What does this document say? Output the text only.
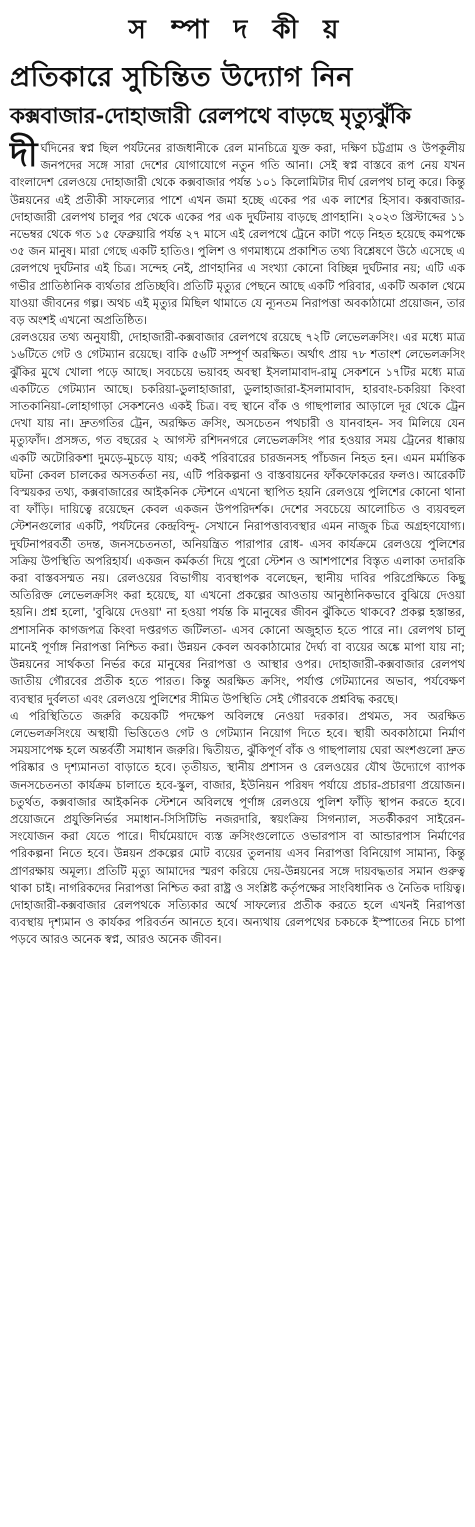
স ম্পা দ কী য়
প্রতিকারে সুচিন্তিত উদ্যোগ নিন
কক্সবাজার-দোহাজারী রেলপথে বাড়ছে মৃত্যুঝুঁকি

দীর্ঘদিনের স্বপ্ন ছিল পর্যটনের রাজধানীকে রেল মানচিত্রে যুক্ত করা, দক্ষিণ চট্টগ্রাম ও উপকূলীয় জনপদের সঙ্গে সারা দেশের যোগাযোগে নতুন গতি আনা। সেই স্বপ্ন বাস্তবে রূপ নেয় যখন বাংলাদেশ রেলওয়ে দোহাজারী থেকে কক্সবাজার পর্যন্ত ১০১ কিলোমিটার দীর্ঘ রেলপথ চালু করে। কিন্তু উন্নয়নের এই প্রতীকী সাফল্যের পাশে এখন জমা হচ্ছে একের পর এক লাশের হিসাব। কক্সবাজার-দোহাজারী রেলপথ চালুর পর থেকে একের পর এক দুর্ঘটনায় বাড়ছে প্রাণহানি। ২০২৩ খ্রিস্টাব্দের ১১ নভেম্বর থেকে গত ১৫ ফেব্রুয়ারি পর্যন্ত ২৭ মাসে এই রেলপথে ট্রেনে কাটা পড়ে নিহত হয়েছে কমপক্ষে ৩৫ জন মানুষ। মারা গেছে একটি হাতিও। পুলিশ ও গণমাধ্যমে প্রকাশিত তথ্য বিশ্লেষণে উঠে এসেছে এ রেলপথে দুর্ঘটনার এই চিত্র। সন্দেহ নেই, প্রাণহানির এ সংখ্যা কোনো বিচ্ছিন্ন দুর্ঘটনার নয়; এটি এক গভীর প্রাতিষ্ঠানিক ব্যর্থতার প্রতিচ্ছবি। প্রতিটি মৃত্যুর পেছনে আছে একটি পরিবার, একটি অকাল থেমে যাওয়া জীবনের গল্প। অথচ এই মৃত্যুর মিছিল থামাতে যে ন্যূনতম নিরাপত্তা অবকাঠামো প্রয়োজন, তার বড় অংশই এখনো অপ্রতিষ্ঠিত।

রেলওয়ের তথ্য অনুযায়ী, দোহাজারী-কক্সবাজার রেলপথে রয়েছে ৭২টি লেভেলক্রসিং। এর মধ্যে মাত্র ১৬টিতে গেট ও গেটম্যান রয়েছে। বাকি ৫৬টি সম্পূর্ণ অরক্ষিত। অর্থাৎ প্রায় ৭৮ শতাংশ লেভেলক্রসিং ঝুঁকির মুখে খোলা পড়ে আছে। সবচেয়ে ভয়াবহ অবস্থা ইসলামাবাদ-রামু সেকশনে ১৭টির মধ্যে মাত্র একটিতে গেটম্যান আছে। চকরিয়া-ডুলাহাজারা, ডুলাহাজারা-ইসলামাবাদ, হারবাং-চকরিয়া কিংবা সাতকানিয়া-লোহাগাড়া সেকশনেও একই চিত্র। বহু স্থানে বাঁক ও গাছপালার আড়ালে দূর থেকে ট্রেন দেখা যায় না। দ্রুতগতির ট্রেন, অরক্ষিত ক্রসিং, অসচেতন পথচারী ও যানবাহন- সব মিলিয়ে যেন মৃত্যুফাঁদ। প্রসঙ্গত, গত বছরের ২ আগস্ট রশিদনগরে লেভেলক্রসিং পার হওয়ার সময় ট্রেনের ধাক্কায় একটি অটোরিকশা দুমড়ে-মুচড়ে যায়; একই পরিবারের চারজনসহ পাঁচজন নিহত হন। এমন মর্মান্তিক ঘটনা কেবল চালকের অসতর্কতা নয়, এটি পরিকল্পনা ও বাস্তবায়নের ফাঁকফোকরের ফলও। আরেকটি বিস্ময়কর তথ্য, কক্সবাজারের আইকনিক স্টেশনে এখনো স্থাপিত হয়নি রেলওয়ে পুলিশের কোনো থানা বা ফাঁড়ি। দায়িত্বে রয়েছেন কেবল একজন উপপরিদর্শক। দেশের সবচেয়ে আলোচিত ও ব্যয়বহুল স্টেশনগুলোর একটি, পর্যটনের কেন্দ্রবিন্দু- সেখানে নিরাপত্তাব্যবস্থার এমন নাজুক চিত্র অগ্রহণযোগ্য। দুর্ঘটনাপরবর্তী তদন্ত, জনসচেতনতা, অনিয়ন্ত্রিত পারাপার রোধ- এসব কার্যক্রমে রেলওয়ে পুলিশের সক্রিয় উপস্থিতি অপরিহার্য। একজন কর্মকর্তা দিয়ে পুরো স্টেশন ও আশপাশের বিস্তৃত এলাকা তদারকি করা বাস্তবসম্মত নয়। রেলওয়ের বিভাগীয় ব্যবস্থাপক বলেছেন, স্থানীয় দাবির পরিপ্রেক্ষিতে কিছু অতিরিক্ত লেভেলক্রসিং করা হয়েছে, যা এখনো প্রকল্পের আওতায় আনুষ্ঠানিকভাবে বুঝিয়ে দেওয়া হয়নি। প্রশ্ন হলো, 'বুঝিয়ে দেওয়া' না হওয়া পর্যন্ত কি মানুষের জীবন ঝুঁকিতে থাকবে? প্রকল্প হস্তান্তর, প্রশাসনিক কাগজপত্র কিংবা দপ্তরগত জটিলতা- এসব কোনো অজুহাত হতে পারে না। রেলপথ চালু মানেই পূর্ণাঙ্গ নিরাপত্তা নিশ্চিত করা। উন্নয়ন কেবল অবকাঠামোর দৈর্ঘ্য বা ব্যয়ের অঙ্কে মাপা যায় না; উন্নয়নের সার্থকতা নির্ভর করে মানুষের নিরাপত্তা ও আস্থার ওপর। দোহাজারী-কক্সবাজার রেলপথ জাতীয় গৌরবের প্রতীক হতে পারত। কিন্তু অরক্ষিত ক্রসিং, পর্যাপ্ত গেটম্যানের অভাব, পর্যবেক্ষণ ব্যবস্থার দুর্বলতা এবং রেলওয়ে পুলিশের সীমিত উপস্থিতি সেই গৌরবকে প্রশ্নবিদ্ধ করছে।

এ পরিস্থিতিতে জরুরি কয়েকটি পদক্ষেপ অবিলম্বে নেওয়া দরকার। প্রথমত, সব অরক্ষিত লেভেলক্রসিংয়ে অস্থায়ী ভিত্তিতেও গেট ও গেটম্যান নিয়োগ দিতে হবে। স্থায়ী অবকাঠামো নির্মাণ সময়সাপেক্ষ হলে অন্তর্বর্তী সমাধান জরুরি। দ্বিতীয়ত, ঝুঁকিপূর্ণ বাঁক ও গাছপালায় ঘেরা অংশগুলো দ্রুত পরিষ্কার ও দৃশ্যমানতা বাড়াতে হবে। তৃতীয়ত, স্থানীয় প্রশাসন ও রেলওয়ের যৌথ উদ্যোগে ব্যাপক জনসচেতনতা কার্যক্রম চালাতে হবে-স্কুল, বাজার, ইউনিয়ন পরিষদ পর্যায়ে প্রচার-প্রচারণা প্রয়োজন। চতুর্থত, কক্সবাজার আইকনিক স্টেশনে অবিলম্বে পূর্ণাঙ্গ রেলওয়ে পুলিশ ফাঁড়ি স্থাপন করতে হবে। প্রয়োজনে প্রযুক্তিনির্ভর সমাধান-সিসিটিভি নজরদারি, স্বয়ংক্রিয় সিগন্যাল, সতর্কীকরণ সাইরেন-সংযোজন করা যেতে পারে। দীর্ঘমেয়াদে ব্যস্ত ক্রসিংগুলোতে ওভারপাস বা আন্ডারপাস নির্মাণের পরিকল্পনা নিতে হবে। উন্নয়ন প্রকল্পের মোট ব্যয়ের তুলনায় এসব নিরাপত্তা বিনিয়োগ সামান্য, কিন্তু প্রাণরক্ষায় অমূল্য। প্রতিটি মৃত্যু আমাদের স্মরণ করিয়ে দেয়-উন্নয়নের সঙ্গে দায়বদ্ধতার সমান গুরুত্ব থাকা চাই। নাগরিকদের নিরাপত্তা নিশ্চিত করা রাষ্ট্র ও সংশ্লিষ্ট কর্তৃপক্ষের সাংবিধানিক ও নৈতিক দায়িত্ব। দোহাজারী-কক্সবাজার রেলপথকে সত্যিকার অর্থে সাফল্যের প্রতীক করতে হলে এখনই নিরাপত্তা ব্যবস্থায় দৃশ্যমান ও কার্যকর পরিবর্তন আনতে হবে। অন্যথায় রেলপথের চকচকে ইস্পাতের নিচে চাপা পড়বে আরও অনেক স্বপ্ন, আরও অনেক জীবন।
